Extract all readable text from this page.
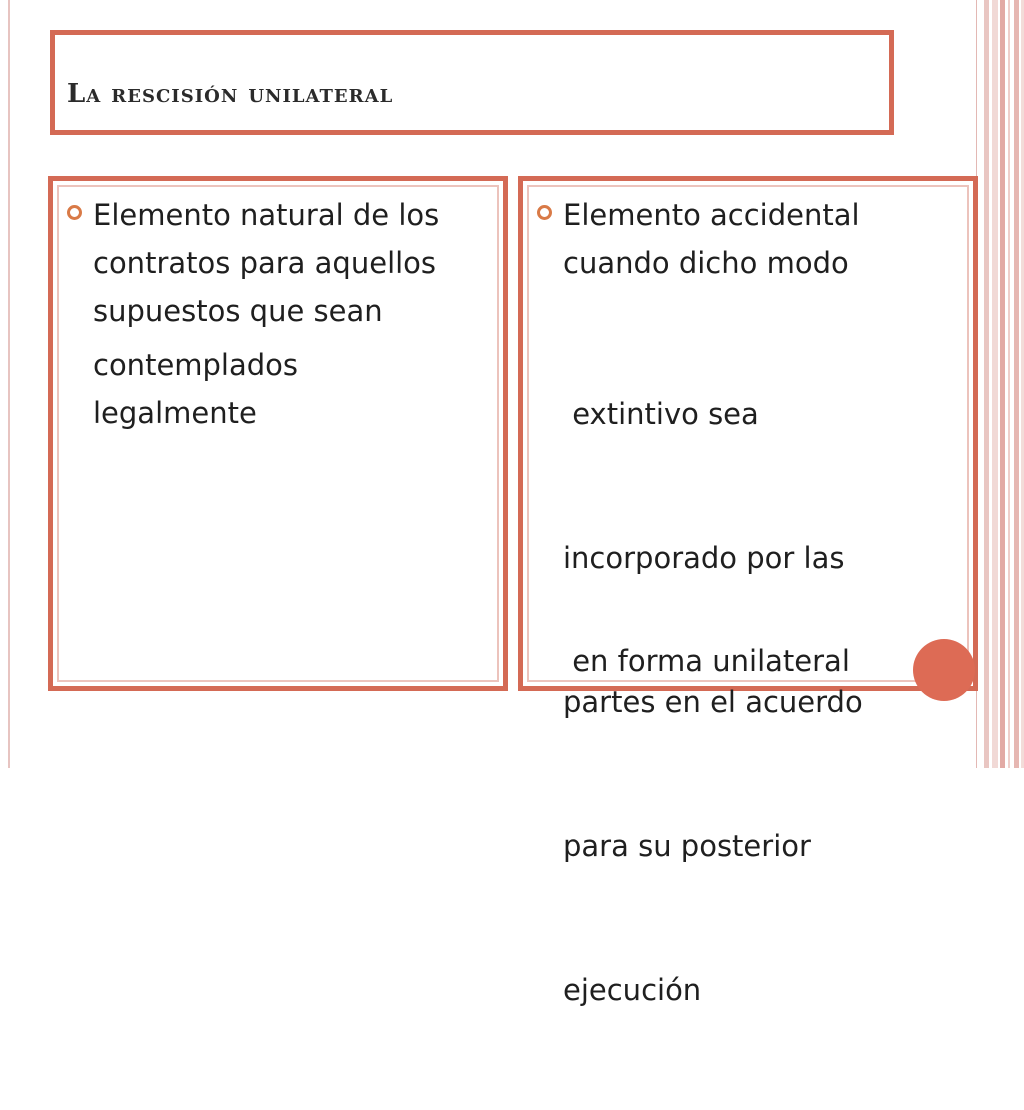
La rescisión unilateral

Elemento natural de los
contratos para aquellos
supuestos que sean

contemplados
legalmente

Elemento accidental
cuando dicho modo

extintivo sea

incorporado por las

partes en el acuerdo

para su posterior

ejecución

en forma unilateral
